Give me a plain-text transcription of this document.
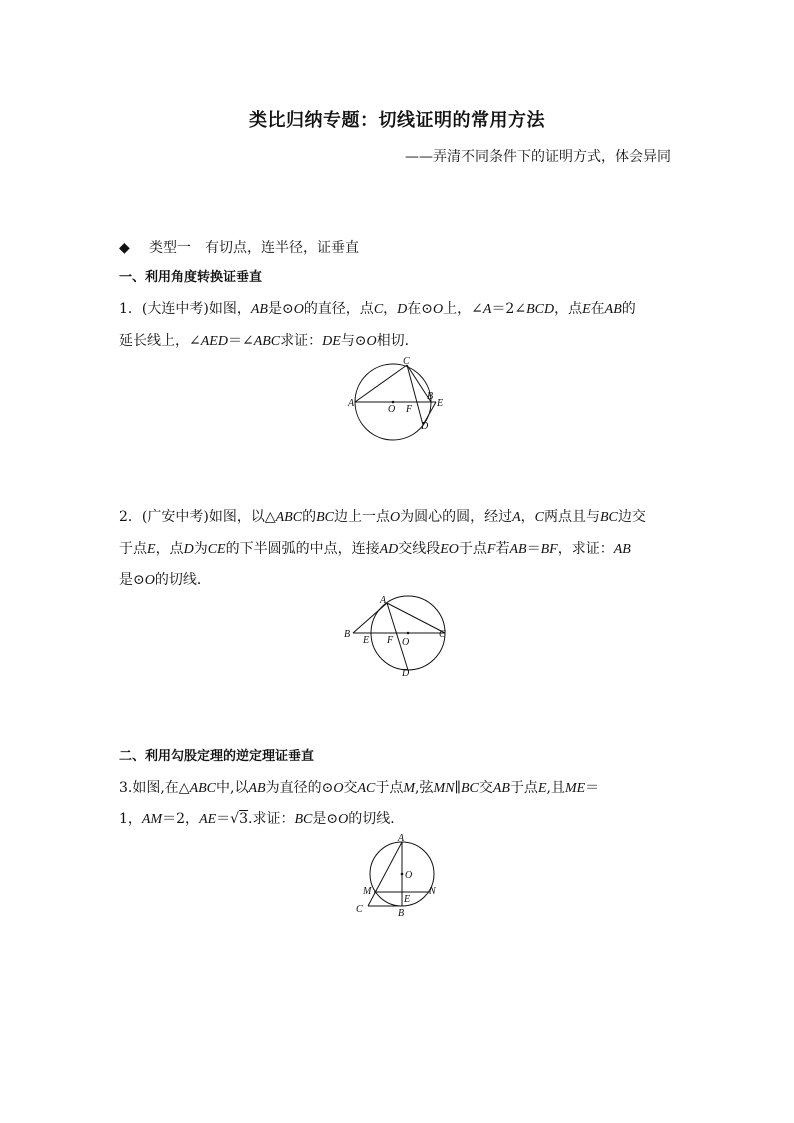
类比归纳专题：切线证明的常用方法
——弄清不同条件下的证明方式，体会异同
◆ 类型一　有切点，连半径，证垂直
一、利用角度转换证垂直
1．(大连中考)如图，AB是⊙O的直径，点C，D在⊙O上，∠A＝2∠BCD，点E在AB的
延长线上，∠AED＝∠ABC求证：DE与⊙O相切．
A
C
B
E
O F
D
2．(广安中考)如图，以△ABC的BC边上一点O为圆心的圆，经过A，C两点且与BC边交
于点E，点D为CE的下半圆弧的中点，连接AD交线段EO于点F若AB＝BF，求证：AB
是⊙O的切线．
A
B
E F O
C
D
二、利用勾股定理的逆定理证垂直
3.如图,在△ABC中,以AB为直径的⊙O交AC于点M,弦MN∥BC交AB于点E,且ME＝
1，AM＝2，AE＝√3.求证：BC是⊙O的切线．
A
O
M
E
N
C	B
